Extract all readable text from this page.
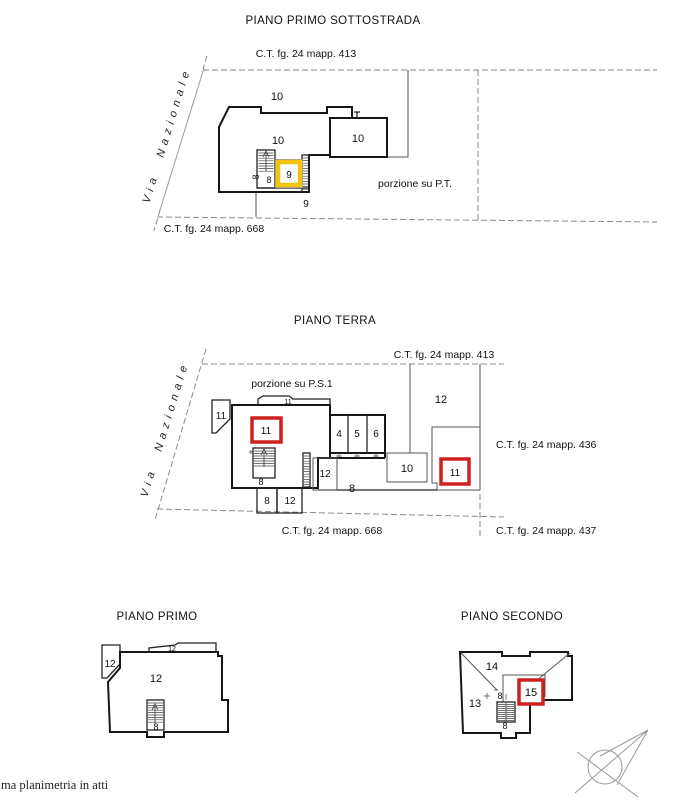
PIANO PRIMO SOTTOSTRADA
C.T. fg. 24 mapp. 413
Via Nazionale	10
10	10
8 8 9
9
porzione su P.T.
C.T. fg. 24 mapp. 668
PIANO TERRA
C.T. fg. 24 mapp. 413
Via Nazionale	porzione su P.S.1
11
11
11	4 5 6
12
12
8
10	11
8
8 12
C.T. fg. 24 mapp. 436
C.T. fg. 24 mapp. 668	C.T. fg. 24 mapp. 437
PIANO PRIMO
12
12
12
8
PIANO SECONDO
14
13
8 15
8
ma planimetria in atti
